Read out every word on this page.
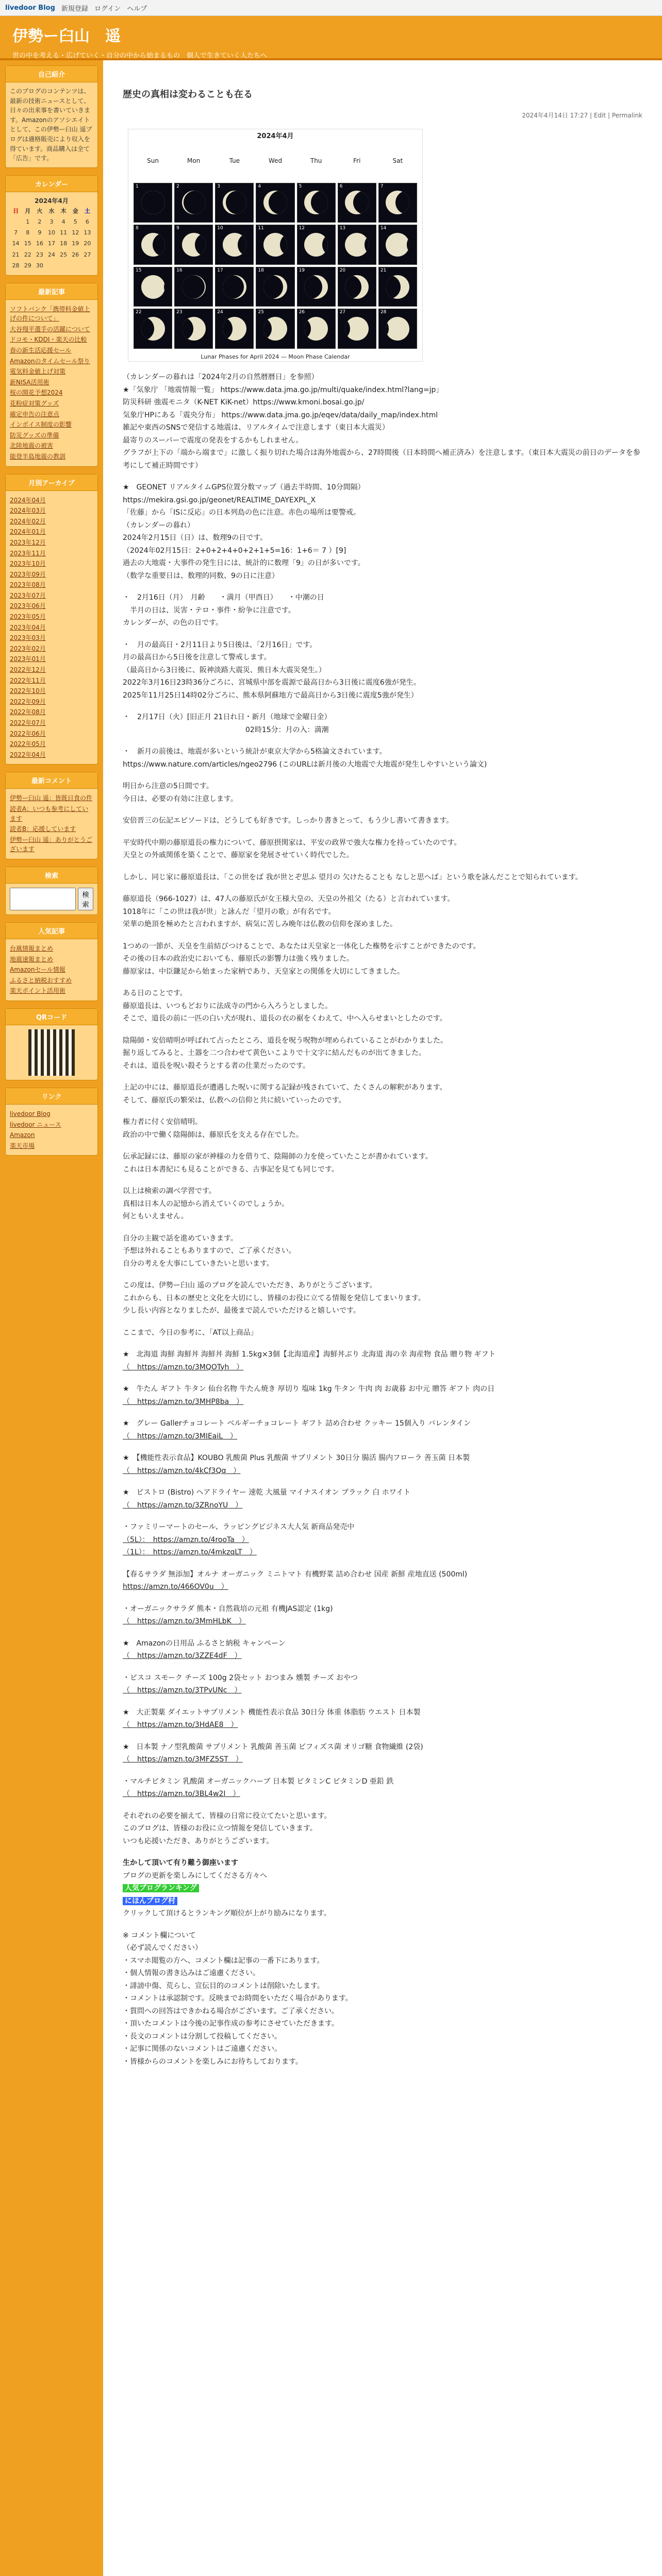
livedoor Blog 新規登録 ログイン ヘルプ
伊勢ー臼山　遥
世の中を考える・広げていく・自分の中から始まるもの　個人で生きていく人たちへ
自己紹介
このブログのコンテンツは、最新の技術ニュースとして、日々の出来事を書いていきます。Amazonのアソシエイトとして、この伊勢ー臼山 遥ブログは適格販売により収入を得ています。商品購入は全て「広告」です。
カレンダー
2024年4月
日	月	火	水	木	金	土
	1	2	3	4	5	6
7	8	9	10	11	12	13
14	15	16	17	18	19	20
21	22	23	24	25	26	27
28	29	30				
最新記事
ソフトバンク「携帯料金値上げの件について」
大谷翔平選手の活躍について
ドコモ・KDDI・楽天の比較
春の新生活応援セール
Amazonのタイムセール祭り
電気料金値上げ対策
新NISA活用術
桜の開花予想2024
花粉症対策グッズ
確定申告の注意点
インボイス制度の影響
防災グッズの準備
北陸地震の被害
能登半島地震の教訓
月別アーカイブ
2024年04月
2024年03月
2024年02月
2024年01月
2023年12月
2023年11月
2023年10月
2023年09月
2023年08月
2023年07月
2023年06月
2023年05月
2023年04月
2023年03月
2023年02月
2023年01月
2022年12月
2022年11月
2022年10月
2022年09月
2022年08月
2022年07月
2022年06月
2022年05月
2022年04月
最新コメント
伊勢ー臼山 遥：皆既日食の件
読者A：いつも参考にしています
読者B：応援しています
伊勢ー臼山 遥：ありがとうございます
検索
検索
人気記事
台風情報まとめ
地震速報まとめ
Amazonセール情報
ふるさと納税おすすめ
楽天ポイント活用術
QRコード
リンク
livedoor Blog
livedoor ニュース
Amazon
楽天市場
歴史の真相は変わることも在る
2024年4月14日 17:27 | Edit | Permalink
2024年4月
Sun	Mon	Tue	Wed	Thu	Fri	Sat
1	2	3	4	5	6	7
8	9	10	11	12	13	14
15	16	17	18	19	20	21
22	23	24	25	26	27	28
Lunar Phases for April 2024 — Moon Phase Calendar

（カレンダーの暮れは「2024年2月の自然暦暦日」を参照）

★「気象庁 「地震情報一覧」 https://www.data.jma.go.jp/multi/quake/index.html?lang=jp」

防災科研 強震モニタ（K-NET KiK-net）https://www.kmoni.bosai.go.jp/

気象庁HPにある「震央分布」 https://www.data.jma.go.jp/eqev/data/daily_map/index.html

雑記や東西のSNSで発信する地震は、リアルタイムで注意します（東日本大震災）

最寄りのスーパーで震度の発表をするかもしれません。

グラフが上下の「端から端まで」に激しく振り切れた場合は海外地震から、27時間後（日本時間へ補正済み）を注意します。（東日本大震災の前日のデータを参考にして補正時間です）

★　GEONET リアルタイムGPS位置分数マップ（過去半時間、10分間隔）

https://mekira.gsi.go.jp/geonet/REALTIME_DAYEXPL_X

「佐藤」から「ISに反応」の日本列島の色に注意。赤色の場所は要警戒。

（カレンダーの暮れ）

2024年2月15日（日）は、数理9の日です。

（2024年02月15日：2+0+2+4+0+2+1+5=16：1+6＝ 7 ）[9]

過去の大地震・大事件の発生日には、統計的に数理「9」の日が多いです。

（数学な重要日は、数理的同数、9の日に注意）

・　2月16日（月）　月齢　　・満月（甲酉日）　　・中潮の日

　半月の日は、災害・テロ・事件・紛争に注意です。

カレンダーが、の色の日です。

・　月の最高日・2月11日より5日後は、「2月16日」です。

月の最高日から5日後を注意して警戒します。

（最高日から3日後に、阪神淡路大震災、熊日本大震災発生。）

2022年3月16日23時36分ごろに、宮城県中部を震源で最高日から3日後に震度6強が発生。

2025年11月25日14時02分ごろに、熊本県阿蘇地方で最高日から3日後に震度5強が発生）

・　2月17日（火）[旧正月 21日れ日・新月（地球で金曜日金）

　　　　　　　　　　　　　　　　　02時15分：月の入：満潮

・　新月の前後は、地震が多いという統計が東京大学から5格論文されています。

https://www.nature.com/articles/ngeo2796 (このURLは新月後の大地震で大地震が発生しやすいという論文)

明日から注意の5日間です。

今日は、必要の有効に注意します。

安倍晋三の伝記エピソードは、どうしても好きです。しっかり書きとって、もう少し書いて書きます。

平安時代中期の藤原道長の権力について、藤原摂関家は、平安の政界で強大な権力を持っていたのです。

天皇との外戚関係を築くことで、藤原家を発展させていく時代でした。

しかし、同じ家に藤原道長は、「この世をば 我が世とぞ思ふ 望月の 欠けたることも なしと思へば」という歌を詠んだことで知られています。

藤原道長（966-1027）は、47人の藤原氏が女王様大皇の、天皇の外祖父（たる）と言われています。

1018年に「この世は我が世」と詠んだ「望月の歌」が有名です。

栄華の絶頂を極めたと言われますが、病気に苦しみ晩年は仏教の信仰を深めました。

1つめの一節が、天皇を生前結びつけることで、あなたは天皇家と一体化した権勢を示すことができたのです。

その後の日本の政治史においても、藤原氏の影響力は強く残りました。

藤原家は、中臣鎌足から始まった家柄であり、天皇家との関係を大切にしてきました。

ある日のことです。

藤原道長は、いつもどおりに法成寺の門から入ろうとしました。

そこで、道長の前に一匹の白い犬が現れ、道長の衣の裾をくわえて、中へ入らせまいとしたのです。

陰陽師・安倍晴明が呼ばれて占ったところ、道長を呪う呪物が埋められていることがわかりました。

掘り返してみると、土器を二つ合わせて黄色いこよりで十文字に結んだものが出てきました。

それは、道長を呪い殺そうとする者の仕業だったのです。

上記の中には、藤原道長が遭遇した呪いに関する記録が残されていて、たくさんの解釈があります。

そして、藤原氏の繁栄は、仏教への信仰と共に続いていったのです。

権力者に付く安倍晴明。

政治の中で働く陰陽師は、藤原氏を支える存在でした。

伝承記録には、藤原の家が神様の力を借りて、陰陽師の力を使っていたことが書かれています。

これは日本書紀にも見ることができる、古事記を見ても同じです。

以上は検索の調べ学習です。

真相は日本人の記憶から消えていくのでしょうか。

何ともいえません。

自分の主観で話を進めていきます。

予想は外れることもありますので、ご了承ください。

自分の考えを大事にしていきたいと思います。

この度は、伊勢ー臼山 遥のブログを読んでいただき、ありがとうございます。

これからも、日本の歴史と文化を大切にし、皆様のお役に立てる情報を発信してまいります。

少し長い内容となりましたが、最後まで読んでいただけると嬉しいです。

ここまで、今日の参考に、「AT以上商品」

★　北海道 海鮮 海鮮丼 海鮮丼 海鮮 1.5kg×3個【北海道産】海鮮丼ぶり 北海道 海の幸 海産物 食品 贈り物 ギフト

（　https://amzn.to/3MQOTyh　）

★　牛たん ギフト 牛タン 仙台名物 牛たん焼き 厚切り 塩味 1kg 牛タン 牛肉 肉 お歳暮 お中元 贈答 ギフト 肉の日

（　https://amzn.to/3MHP8ba　）

★　グレー Gallerチョコレート ベルギーチョコレート ギフト 詰め合わせ クッキー 15個入り バレンタイン

（　https://amzn.to/3MIEaiL　）

★　【機能性表示食品】KOUBO 乳酸菌 Plus 乳酸菌 サプリメント 30日分 腸活 腸内フローラ 善玉菌 日本製

（　https://amzn.to/4kCf3Qq　）

★　ビストロ (Bistro) ヘアドライヤー 速乾 大風量 マイナスイオン ブラック 白 ホワイト

（　https://amzn.to/3ZRnoYU　）

・ファミリーマートのセール、ラッピングビジネス大人気 新商品発売中

（5L）：　https://amzn.to/4rooTa　）

（1L）：　https://amzn.to/4mkzqLT　）

【春るサラダ 無添加】オルナ オーガニック ミニトマト 有機野菜 詰め合わせ 国産 新鮮 産地直送 (500ml)

https://amzn.to/466OV0u　）

・オーガニックサラダ 熊本・自然栽培の元祖 有機JAS認定 (1kg)

（　https://amzn.to/3MmHLbK　）

★　Amazonの日用品 ふるさと納税 キャンペーン

（　https://amzn.to/3ZZE4dF　）

・ビスコ スモーク チーズ 100g 2袋セット おつまみ 燻製 チーズ おやつ

（　https://amzn.to/3TPvUNc　）

★　大正製薬 ダイエットサプリメント 機能性表示食品 30日分 体重 体脂肪 ウエスト 日本製

（　https://amzn.to/3HdAE8　）

★　日本製 ナノ型乳酸菌 サプリメント 乳酸菌 善玉菌 ビフィズス菌 オリゴ糖 食物繊維 (2袋)

（　https://amzn.to/3MFZ5ST　）

・マルチビタミン 乳酸菌 オーガニックハーブ 日本製 ビタミンC ビタミンD 亜鉛 鉄

（　https://amzn.to/3BL4w2I　）

それぞれの必要を揃えて、皆様の日常に役立てたいと思います。

このブログは、皆様のお役に立つ情報を発信していきます。

いつも応援いただき、ありがとうございます。

生かして頂いて有り難う御座います

ブログの更新を楽しみにしてくださる方々へ

人気ブログランキング

にほんブログ村

クリックして頂けるとランキング順位が上がり励みになります。

※ コメント欄について

（必ず読んでください）

・スマホ閲覧の方へ、コメント欄は記事の一番下にあります。

・個人情報の書き込みはご遠慮ください。

・誹謗中傷、荒らし、宣伝目的のコメントは削除いたします。

・コメントは承認制です。反映までお時間をいただく場合があります。

・質問への回答はできかねる場合がございます。ご了承ください。

・頂いたコメントは今後の記事作成の参考にさせていただきます。

・長文のコメントは分割して投稿してください。

・記事に関係のないコメントはご遠慮ください。

・皆様からのコメントを楽しみにお待ちしております。
